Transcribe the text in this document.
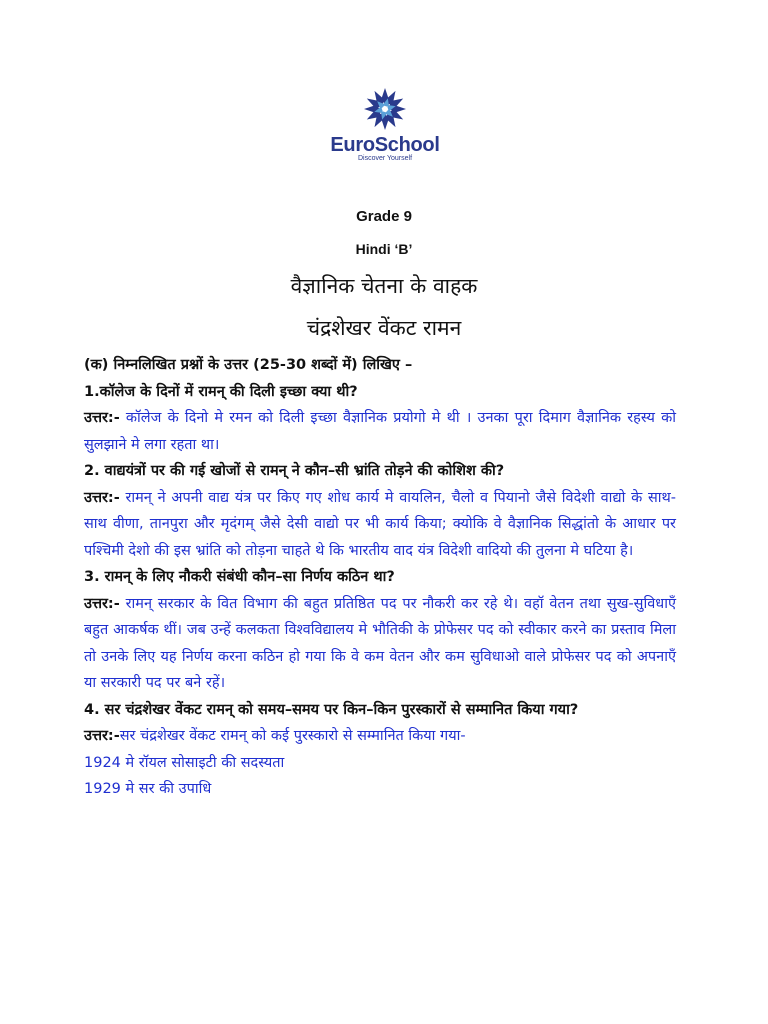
EuroSchool
Discover Yourself
Grade 9
Hindi ‘B’
वैज्ञानिक चेतना के वाहक
चंद्रशेखर वेंकट रामन

(क) निम्नलिखित प्रश्नों के उत्तर (25-30 शब्दों में) लिखिए –

1.कॉलेज के दिनों में रामन् की दिली इच्छा क्या थी?

उत्तर:- कॉलेज के दिनो मे रमन को दिली इच्छा वैज्ञानिक प्रयोगो मे थी । उनका पूरा दिमाग वैज्ञानिक रहस्य को सुलझाने मे लगा रहता था।

2. वाद्ययंत्रों पर की गई खोजों से रामन् ने कौन–सी भ्रांति तोड़ने की कोशिश की?

उत्तर:- रामन् ने अपनी वाद्य यंत्र पर किए गए शोध कार्य मे वायलिन, चैलो व पियानो जैसे विदेशी वाद्यो के साथ-साथ वीणा, तानपुरा और मृदंगम् जैसे देसी वाद्यो पर भी कार्य किया; क्योकि वे वैज्ञानिक सिद्धांतो के आधार पर पश्चिमी देशो की इस भ्रांति को तोड़ना चाहते थे कि भारतीय वाद यंत्र विदेशी वादियो की तुलना मे घटिया है।

3. रामन् के लिए नौकरी संबंधी कौन–सा निर्णय कठिन था?

उत्तर:- रामन् सरकार के वित विभाग की बहुत प्रतिष्ठित पद पर नौकरी कर रहे थे। वहॉ वेतन तथा सुख-सुविधाएँ बहुत आकर्षक थीं। जब उन्हें कलकता विश्वविद्यालय मे भौतिकी के प्रोफेसर पद को स्वीकार करने का प्रस्ताव मिला तो उनके लिए यह निर्णय करना कठिन हो गया कि वे कम वेतन और कम सुविधाओ वाले प्रोफेसर पद को अपनाएँ या सरकारी पद पर बने रहें।

4. सर चंद्रशेखर वेंकट रामन् को समय–समय पर किन–किन पुरस्कारों से सम्मानित किया गया?

उत्तर:-सर चंद्रशेखर वेंकट रामन् को कई पुरस्कारो से सम्मानित किया गया-

1924 मे रॉयल सोसाइटी की सदस्यता

1929 मे सर की उपाधि
